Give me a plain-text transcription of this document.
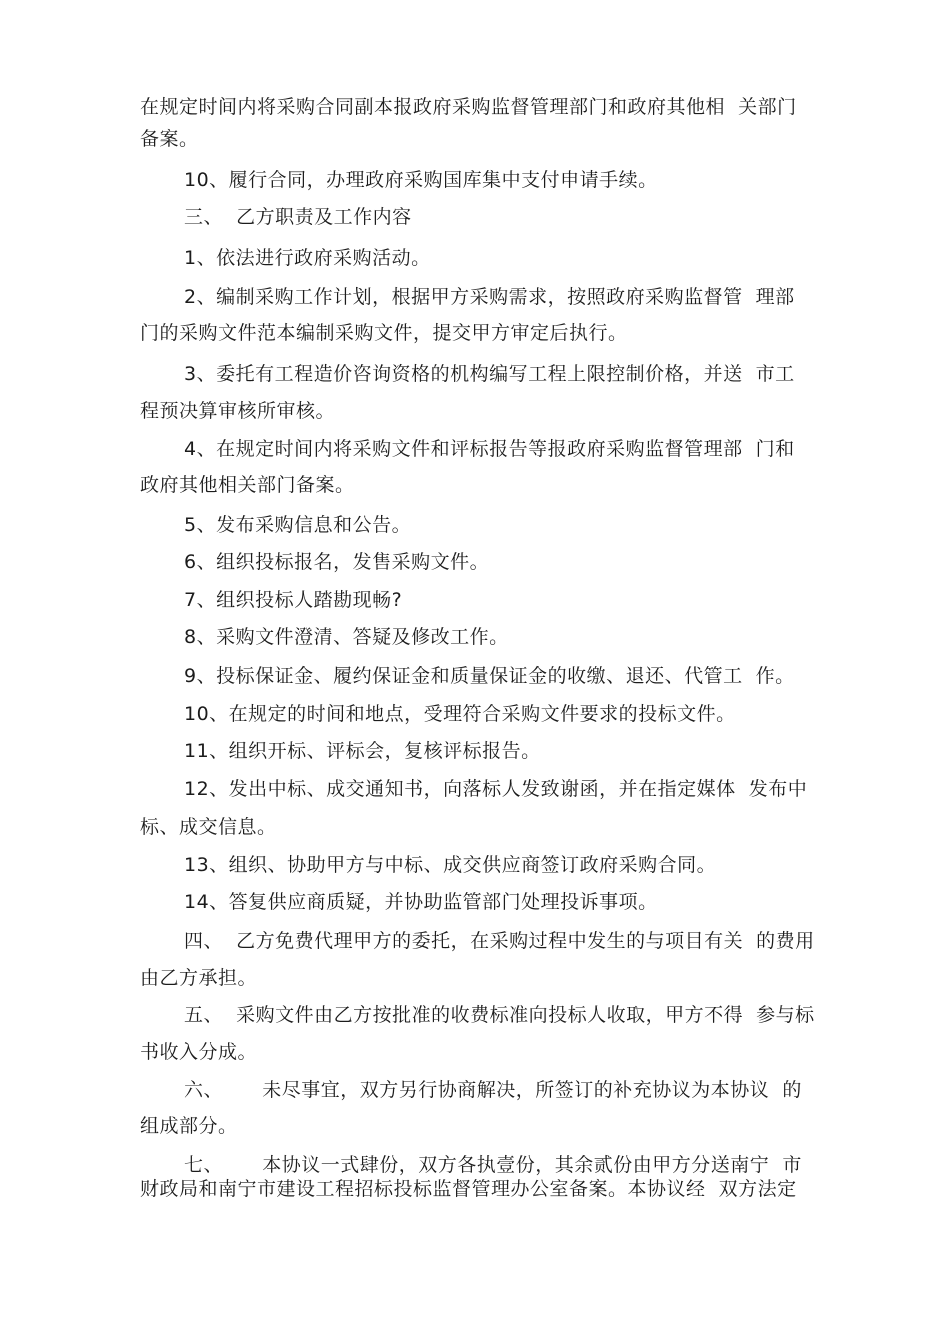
在规定时间内将采购合同副本报政府采购监督管理部门和政府其他相  关部门
备案。
10、履行合同，办理政府采购国库集中支付申请手续。
三、  乙方职责及工作内容
1、依法进行政府采购活动。
2、编制采购工作计划，根据甲方采购需求，按照政府采购监督管  理部
门的采购文件范本编制采购文件，提交甲方审定后执行。
3、委托有工程造价咨询资格的机构编写工程上限控制价格，并送  市工
程预决算审核所审核。
4、在规定时间内将采购文件和评标报告等报政府采购监督管理部  门和
政府其他相关部门备案。
5、发布采购信息和公告。
6、组织投标报名，发售采购文件。
7、组织投标人踏勘现畅?
8、采购文件澄清、答疑及修改工作。
9、投标保证金、履约保证金和质量保证金的收缴、退还、代管工  作。
10、在规定的时间和地点，受理符合采购文件要求的投标文件。
11、组织开标、评标会，复核评标报告。
12、发出中标、成交通知书，向落标人发致谢函，并在指定媒体  发布中
标、成交信息。
13、组织、协助甲方与中标、成交供应商签订政府采购合同。
14、答复供应商质疑，并协助监管部门处理投诉事项。
四、  乙方免费代理甲方的委托，在采购过程中发生的与项目有关  的费用
由乙方承担。
五、  采购文件由乙方按批准的收费标准向投标人收取，甲方不得  参与标
书收入分成。
六、      未尽事宜，双方另行协商解决，所签订的补充协议为本协议  的
组成部分。
七、      本协议一式肆份，双方各执壹份，其余贰份由甲方分送南宁  市
财政局和南宁市建设工程招标投标监督管理办公室备案。本协议经  双方法定
